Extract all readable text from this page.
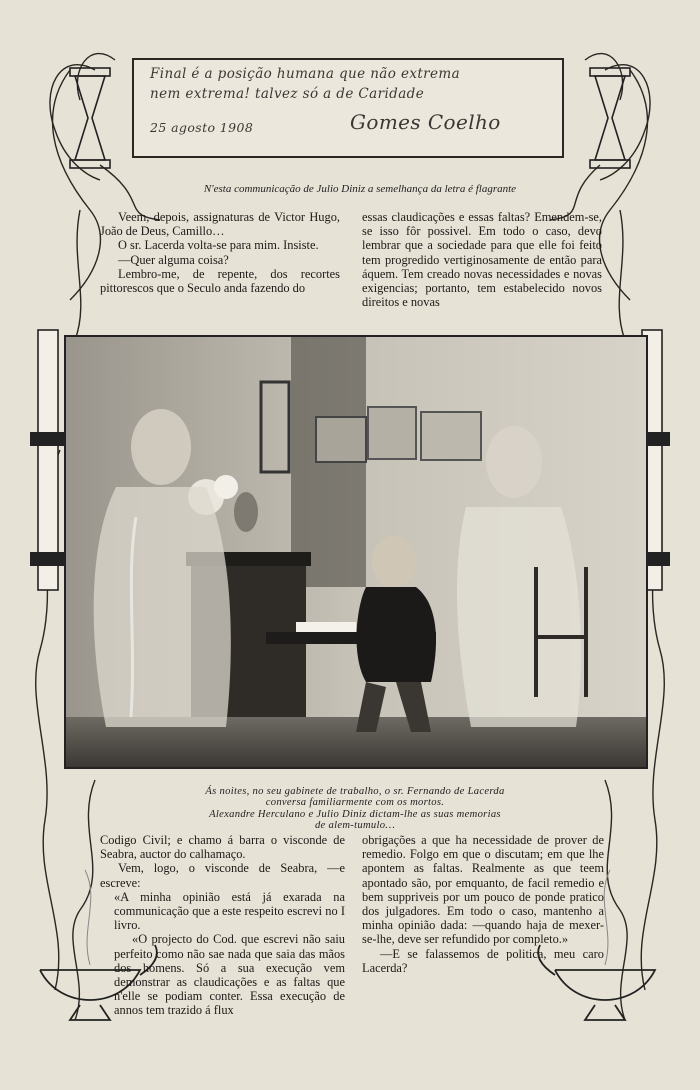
Final é a posição humana que não extrema
nem extrema! talvez só a de Caridade
25 agosto 1908	Gomes Coelho
N'esta communicação de Julio Diniz a semelhança da letra é flagrante

Veem, depois, assignaturas de Victor Hugo, João de Deus, Camillo…

O sr. Lacerda volta-se para mim. Insiste.

—Quer alguma coisa?

Lembro-me, de repente, dos recortes pittorescos que o Seculo anda fazendo do

essas claudicações e essas faltas? Emendem-se, se isso fôr possivel. Em todo o caso, devo lembrar que a sociedade para que elle foi feito tem progredido vertiginosamente de então para áquem. Tem creado novas necessidades e novas exigencias; portanto, tem estabelecido novos direitos e novas

Ás noites, no seu gabinete de trabalho, o sr. Fernando de Lacerda
conversa familiarmente com os mortos.
Alexandre Herculano e Julio Diniz dictam-lhe as suas memorias
de alem-tumulo…

Codigo Civil; e chamo á barra o visconde de Seabra, auctor do calhamaço.

Vem, logo, o visconde de Seabra, —e escreve:

«A minha opinião está já exarada na communicação que a este respeito escrevi no I livro.

«O projecto do Cod. que escrevi não saiu perfeito como não sae nada que saia das mãos dos homens. Só a sua execução vem demonstrar as claudicações e as faltas que n'elle se podiam conter. Essa execução de annos tem trazido á flux

obrigações a que ha necessidade de prover de remedio. Folgo em que o discutam; em que lhe apontem as faltas. Realmente as que teem apontado são, por emquanto, de facil remedio e bem suppriveis por um pouco de ponde pratico dos julgadores. Em todo o caso, mantenho a minha opinião dada: —quando haja de mexer-se-lhe, deve ser refundido por completo.»

—E se falassemos de politica, meu caro Lacerda?
